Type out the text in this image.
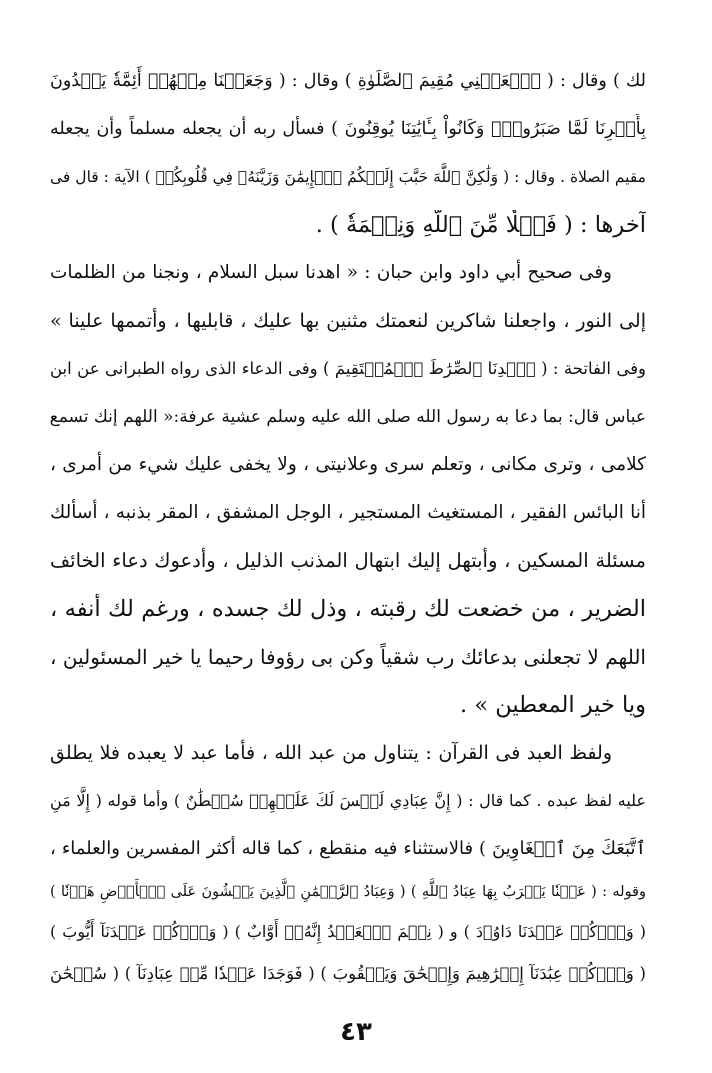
لك ) وقال : ( ٱجۡعَلۡنِي مُقِيمَ ٱلصَّلَوٰةِ ) وقال : ( وَجَعَلۡنَا مِنۡهُمۡ أَئِمَّةٗ يَهۡدُونَ
بِأَمۡرِنَا لَمَّا صَبَرُواْۖ وَكَانُواْ بِـَٔايَٰتِنَا يُوقِنُونَ ) فسأل ربه أن يجعله مسلماً وأن يجعله
مقيم الصلاة . وقال : ( وَلَٰكِنَّ ٱللَّهَ حَبَّبَ إِلَيۡكُمُ ٱلۡإِيمَٰنَ وَزَيَّنَهُۥ فِي قُلُوبِكُمۡ ) الآية : قال فى
آخرها : ( فَضۡلٗا مِّنَ ٱللَّهِ وَنِعۡمَةٗ ) .
وفى صحيح أبي داود وابن حبان : « اهدنا سبل السلام ، ونجنا من الظلمات
إلى النور ، واجعلنا شاكرين لنعمتك مثنين بها عليك ، قابليها ، وأتممها علينا »
وفى الفاتحة : ( ٱهۡدِنَا ٱلصِّرَٰطَ ٱلۡمُسۡتَقِيمَ ) وفى الدعاء الذى رواه الطبرانى عن ابن
عباس قال: بما دعا به رسول الله صلى الله عليه وسلم عشية عرفة:« اللهم إنك تسمع
كلامى ، وترى مكانى ، وتعلم سرى وعلانيتى ، ولا يخفى عليك شيء من أمرى ،
أنا البائس الفقير ، المستغيث المستجير ، الوجل المشفق ، المقر بذنبه ، أسألك
مسئلة المسكين ، وأبتهل إليك ابتهال المذنب الذليل ، وأدعوك دعاء الخائف
الضرير ، من خضعت لك رقبته ، وذل لك جسده ، ورغم لك أنفه ،
اللهم لا تجعلنى بدعائك رب شقياً وكن بى رؤوفا رحيما يا خير المسئولين ،
ويا خير المعطين » .
ولفظ العبد فى القرآن : يتناول من عبد الله ، فأما عبد لا يعبده فلا يطلق
عليه لفظ عبده . كما قال : ( إِنَّ عِبَادِي لَيۡسَ لَكَ عَلَيۡهِمۡ سُلۡطَٰنٌ ) وأما قوله ( إِلَّا مَنِ
ٱتَّبَعَكَ مِنَ ٱلۡغَاوِينَ ) فالاستثناء فيه منقطع ، كما قاله أكثر المفسرين والعلماء ،
وقوله : ( عَيۡنٗا يَشۡرَبُ بِهَا عِبَادُ ٱللَّهِ ) ( وَعِبَادُ ٱلرَّحۡمَٰنِ ٱلَّذِينَ يَمۡشُونَ عَلَى ٱلۡأَرۡضِ هَوۡنٗا )
( وَٱذۡكُرۡ عَبۡدَنَا دَاوُۥدَ ) و ( نِعۡمَ ٱلۡعَبۡدُ إِنَّهُۥٓ أَوَّابٌ ) ( وَٱذۡكُرۡ عَبۡدَنَآ أَيُّوبَ )
( وَٱذۡكُرۡ عِبَٰدَنَآ إِبۡرَٰهِيمَ وَإِسۡحَٰقَ وَيَعۡقُوبَ ) ( فَوَجَدَا عَبۡدٗا مِّنۡ عِبَادِنَآ ) ( سُبۡحَٰنَ
٤٣
